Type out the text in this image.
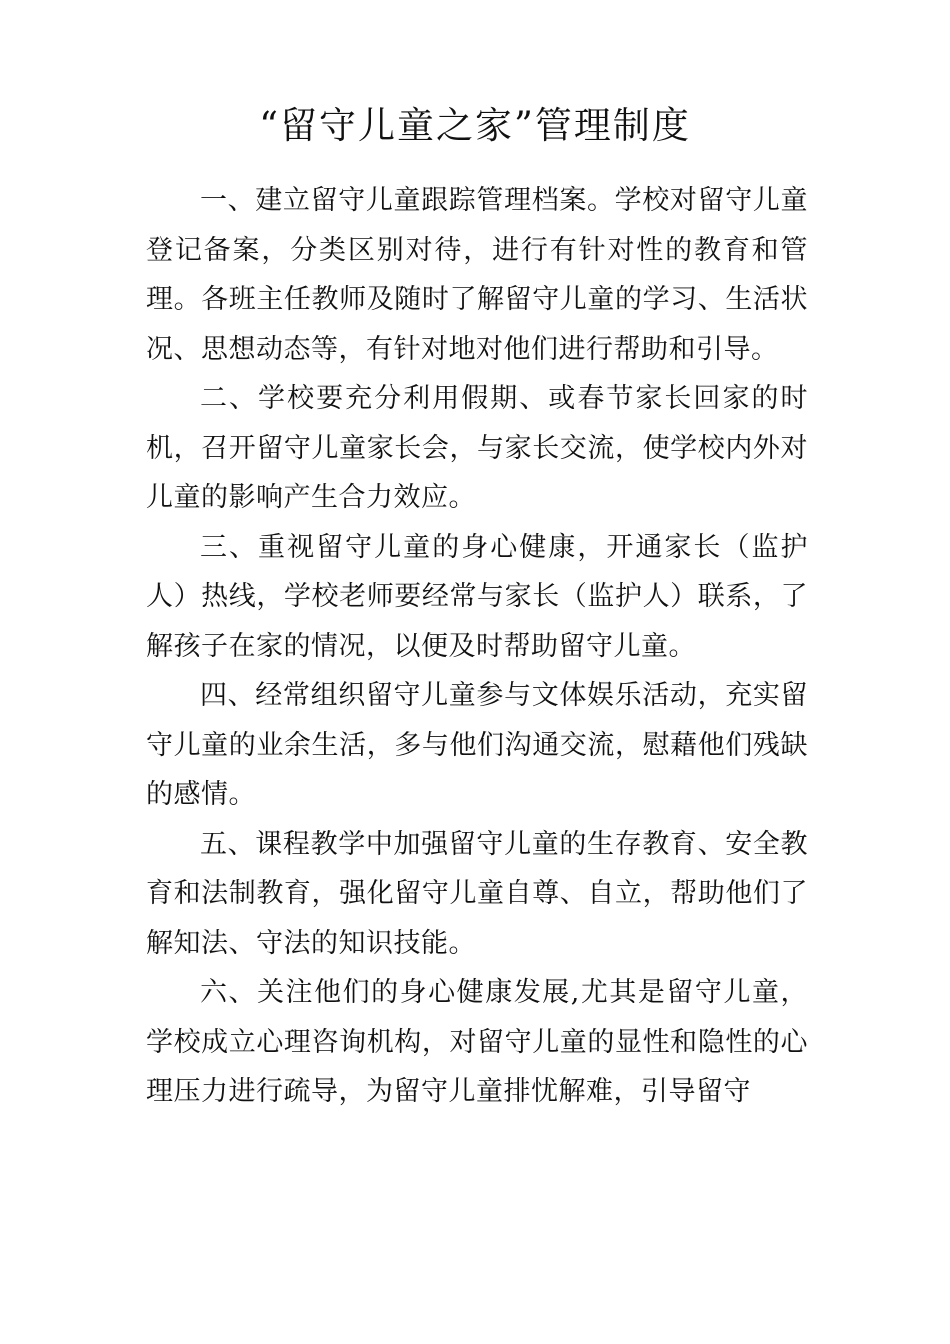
“留守儿童之家”管理制度

一、建立留守儿童跟踪管理档案。学校对留守儿童登记备案，分类区别对待，进行有针对性的教育和管理。各班主任教师及随时了解留守儿童的学习、生活状况、思想动态等，有针对地对他们进行帮助和引导。

二、学校要充分利用假期、或春节家长回家的时机，召开留守儿童家长会，与家长交流，使学校内外对儿童的影响产生合力效应。

三、重视留守儿童的身心健康，开通家长（监护人）热线，学校老师要经常与家长（监护人）联系，了解孩子在家的情况，以便及时帮助留守儿童。

四、经常组织留守儿童参与文体娱乐活动，充实留守儿童的业余生活，多与他们沟通交流，慰藉他们残缺的感情。

五、课程教学中加强留守儿童的生存教育、安全教育和法制教育，强化留守儿童自尊、自立，帮助他们了解知法、守法的知识技能。

六、关注他们的身心健康发展,尤其是留守儿童，学校成立心理咨询机构，对留守儿童的显性和隐性的心理压力进行疏导，为留守儿童排忧解难，引导留守
